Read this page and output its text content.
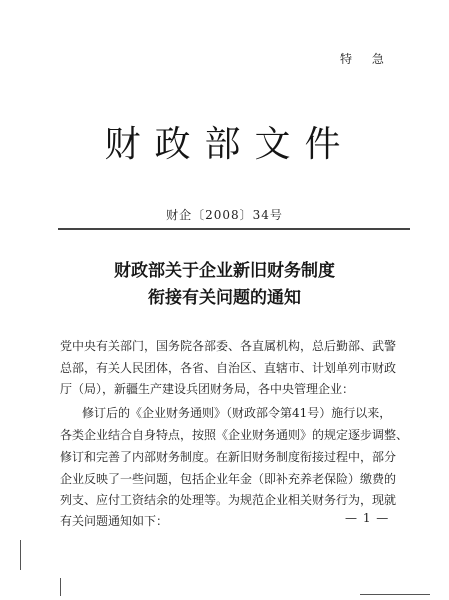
特 急
财政部文件
财企〔2008〕34号
财政部关于企业新旧财务制度
衔接有关问题的通知
党中央有关部门，国务院各部委、各直属机构，总后勤部、武警
总部，有关人民团体，各省、自治区、直辖市、计划单列市财政
厅（局），新疆生产建设兵团财务局，各中央管理企业：
修订后的《企业财务通则》（财政部令第41号）施行以来，
各类企业结合自身特点，按照《企业财务通则》的规定逐步调整、
修订和完善了内部财务制度。在新旧财务制度衔接过程中，部分
企业反映了一些问题，包括企业年金（即补充养老保险）缴费的
列支、应付工资结余的处理等。为规范企业相关财务行为，现就
有关问题通知如下：	— 1 —
